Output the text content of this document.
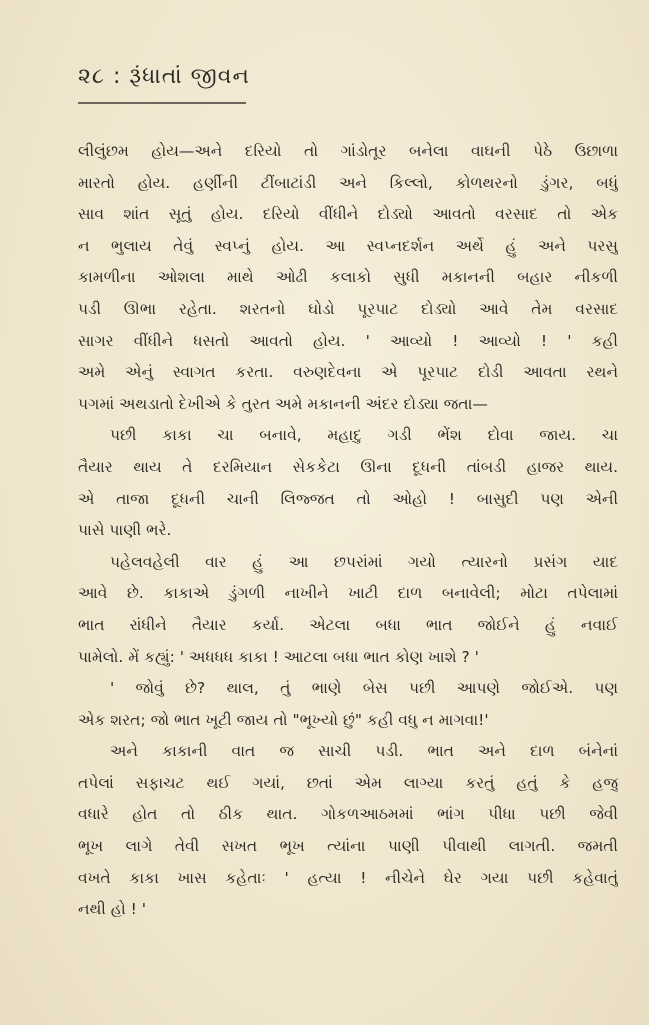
૨૮ : રૂંધાતાં જીવન
લીલુંછમ હોય—અને દરિયો તો ગાંડોતૂર બનેલા વાઘની પેઠે ઉછાળા
મારતો હોય. હર્ણીની ટીંબાટાંડી અને કિલ્લો, કોળથરનો ડુંગર, બધું
સાવ શાંત સૂતું હોય. દરિયો વીંધીને દોડ્યો આવતો વરસાદ તો એક
ન ભુલાય તેવું સ્વપ્નું હોય. આ સ્વપ્નદર્શન અર્થે હું અને પરસુ
કામળીના ઓશલા માથે ઓઢી કલાકો સુધી મકાનની બહાર નીકળી
પડી ઊભા રહેતા. શરતનો ઘોડો પૂરપાટ દોડ્યો આવે તેમ વરસાદ
સાગર વીંધીને ધસતો આવતો હોય. ' આવ્યો ! આવ્યો ! ' કહી
અમે એનું સ્વાગત કરતા. વરુણદેવના એ પૂરપાટ દોડી આવતા રથને
પગમાં અથડાતો દેખીએ કે તુરત અમે મકાનની અંદર દોડ્યા જતા—
પછી કાકા ચા બનાવે, મહાદુ ગડી ભેંશ દોવા જાય. ચા
તૈયાર થાય તે દરમિયાન સેકકેટા ઊના દૂધની તાંબડી હાજર થાય.
એ તાજા દૂધની ચાની લિજ્જત તો ઓહો ! બાસુદી પણ એની
પાસે પાણી ભરે.
પહેલવહેલી વાર હું આ છપરાંમાં ગયો ત્યારનો પ્રસંગ યાદ
આવે છે. કાકાએ ડુંગળી નાખીને ખાટી દાળ બનાવેલી; મોટા તપેલામાં
ભાત રાંધીને તૈયાર કર્યા. એટલા બધા ભાત જોઈને હું નવાઈ
પામેલો. મેં કહ્યું: ' અધધધ કાકા ! આટલા બધા ભાત કોણ ખાશે ? '
' જોવું છે? થાલ, તું ભાણે બેસ પછી આપણે જોઈએ. પણ
એક શરત; જો ભાત ખૂટી જાય તો "ભૂખ્યો છું" કહી વધુ ન માગવા!'
અને કાકાની વાત જ સાચી પડી. ભાત અને દાળ બંનેનાં
તપેલાં સફાચટ થઈ ગયાં, છતાં એમ લાગ્યા કરતું હતું કે હજુ
વધારે હોત તો ઠીક થાત. ગોકળઆઠમમાં ભાંગ પીધા પછી જેવી
ભૂખ લાગે તેવી સખત ભૂખ ત્યાંના પાણી પીવાથી લાગતી. જમતી
વખતે કાકા ખાસ કહેતાઃ ' હત્યા ! નીચેને ઘેર ગયા પછી કહેવાતું
નથી હો ! '
